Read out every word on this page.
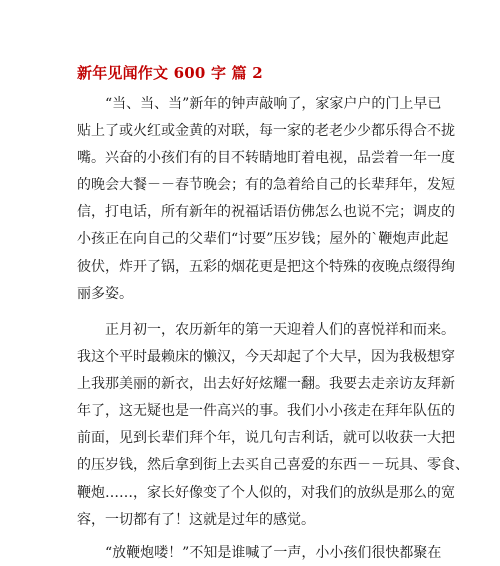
新年见闻作文 600 字 篇 2
“当、当、当”新年的钟声敲响了，家家户户的门上早已
贴上了或火红或金黄的对联，每一家的老老少少都乐得合不拢
嘴。兴奋的小孩们有的目不转睛地盯着电视，品尝着一年一度
的晚会大餐－－春节晚会；有的急着给自己的长辈拜年，发短
信，打电话，所有新年的祝福话语仿佛怎么也说不完；调皮的
小孩正在向自己的父辈们“讨要”压岁钱；屋外的`鞭炮声此起
彼伏，炸开了锅，五彩的烟花更是把这个特殊的夜晚点缀得绚
丽多姿。
正月初一，农历新年的第一天迎着人们的喜悦祥和而来。
我这个平时最赖床的懒汉，今天却起了个大早，因为我极想穿
上我那美丽的新衣，出去好好炫耀一翻。我要去走亲访友拜新
年了，这无疑也是一件高兴的事。我们小小孩走在拜年队伍的
前面，见到长辈们拜个年，说几句吉利话，就可以收获一大把
的压岁钱，然后拿到街上去买自己喜爱的东西－－玩具、零食、
鞭炮……，家长好像变了个人似的，对我们的放纵是那么的宽
容，一切都有了！这就是过年的感觉。
“放鞭炮喽！”不知是谁喊了一声，小小孩们很快都聚在
